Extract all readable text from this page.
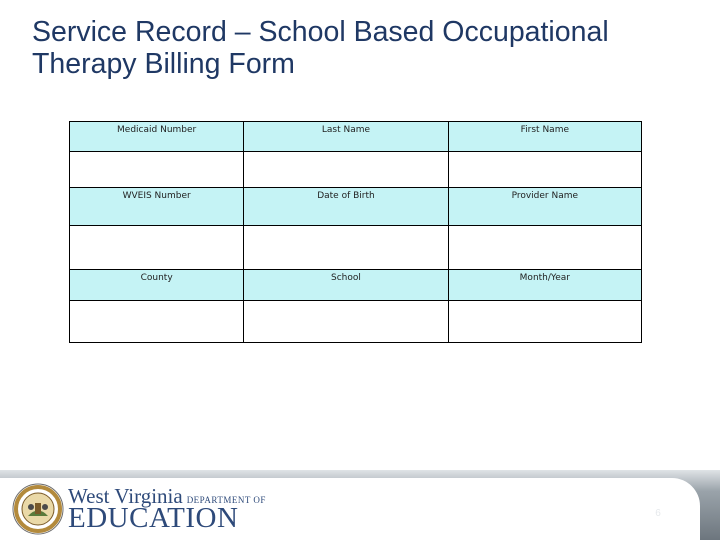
Service Record – School Based Occupational
Therapy Billing Form
Medicaid Number	Last Name	First Name

WVEIS Number	Date of Birth	Provider Name

County	School	Month/Year

West Virginia DEPARTMENT OF
EDUCATION	6
